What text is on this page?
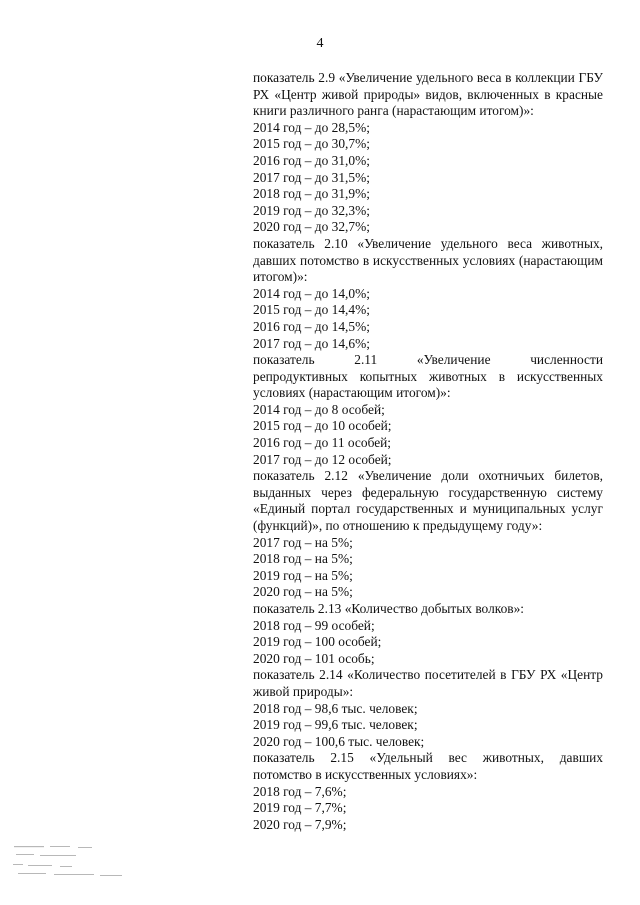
4

показатель 2.9 «Увеличение удельного веса в коллекции ГБУ РХ «Центр живой природы» видов, включенных в красные книги различного ранга (нарастающим итогом)»:

2014 год – до 28,5%;

2015 год – до 30,7%;

2016 год – до 31,0%;

2017 год – до 31,5%;

2018 год – до 31,9%;

2019 год – до 32,3%;

2020 год – до 32,7%;

показатель 2.10 «Увеличение удельного веса животных, давших потомство в искусственных условиях (нарастающим итогом)»:

2014 год – до 14,0%;

2015 год – до 14,4%;

2016 год – до 14,5%;

2017 год – до 14,6%;

показатель 2.11 «Увеличение численности

репродуктивных копытных животных в искусственных условиях (нарастающим итогом)»:

2014 год – до 8 особей;

2015 год – до 10 особей;

2016 год – до 11 особей;

2017 год – до 12 особей;

показатель 2.12 «Увеличение доли охотничьих билетов, выданных через федеральную государственную систему «Единый портал государственных и муниципальных услуг (функций)», по отношению к предыдущему году»:

2017 год – на 5%;

2018 год – на 5%;

2019 год – на 5%;

2020 год – на 5%;

показатель 2.13 «Количество добытых волков»:

2018 год – 99 особей;

2019 год – 100 особей;

2020 год – 101 особь;

показатель 2.14 «Количество посетителей в ГБУ РХ «Центр живой природы»:

2018 год – 98,6 тыс. человек;

2019 год – 99,6 тыс. человек;

2020 год – 100,6 тыс. человек;

показатель 2.15 «Удельный вес животных, давших потомство в искусственных условиях»:

2018 год – 7,6%;

2019 год – 7,7%;

2020 год – 7,9%;
